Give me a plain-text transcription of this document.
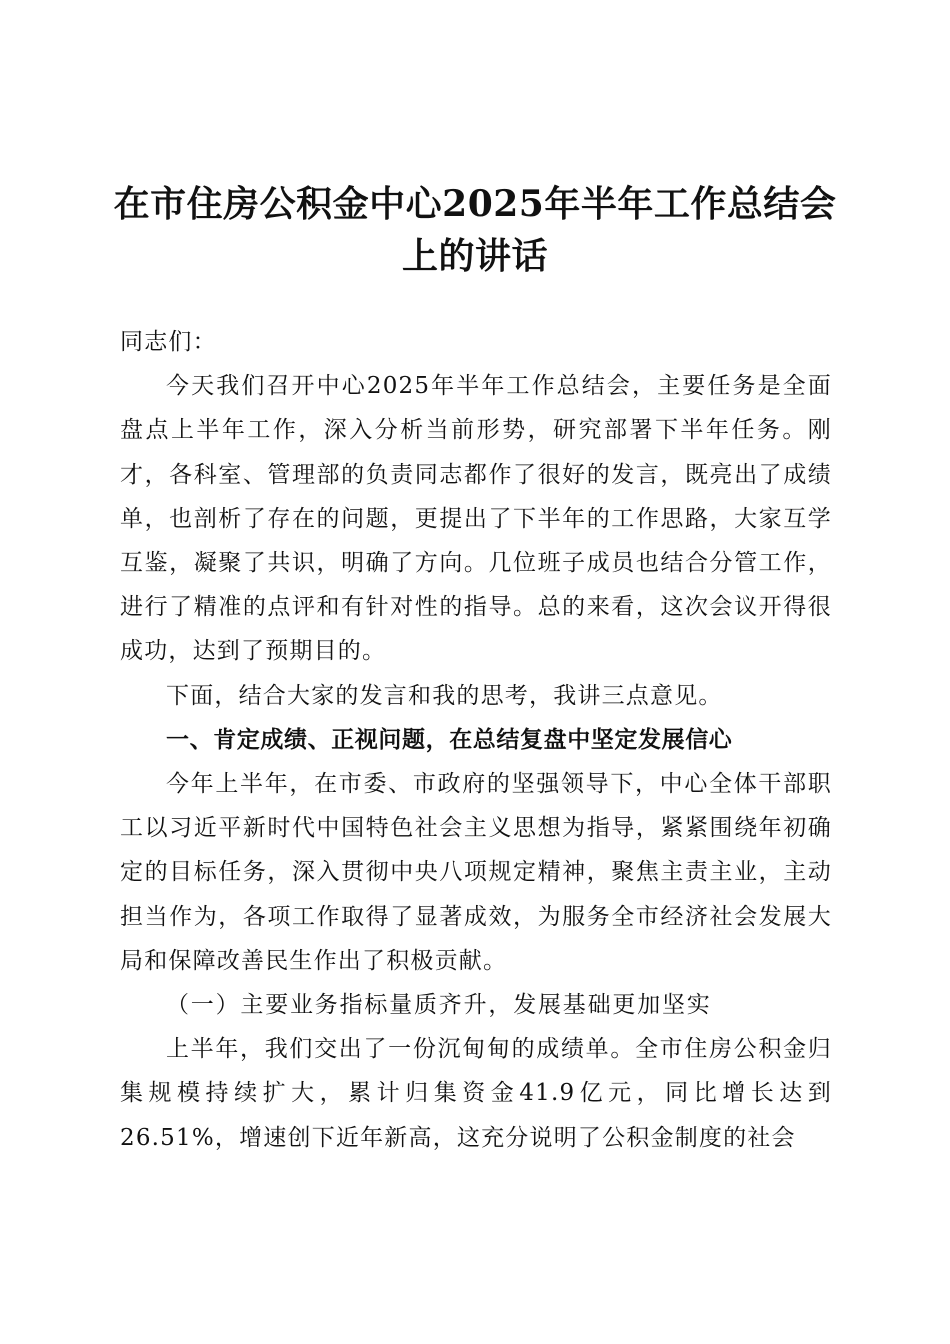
在市住房公积金中心2025年半年工作总结会上的讲话

同志们：

今天我们召开中心2025年半年工作总结会，主要任务是全面盘点上半年工作，深入分析当前形势，研究部署下半年任务。刚才，各科室、管理部的负责同志都作了很好的发言，既亮出了成绩单，也剖析了存在的问题，更提出了下半年的工作思路，大家互学互鉴，凝聚了共识，明确了方向。几位班子成员也结合分管工作，进行了精准的点评和有针对性的指导。总的来看，这次会议开得很成功，达到了预期目的。

下面，结合大家的发言和我的思考，我讲三点意见。

一、肯定成绩、正视问题，在总结复盘中坚定发展信心

今年上半年，在市委、市政府的坚强领导下，中心全体干部职工以习近平新时代中国特色社会主义思想为指导，紧紧围绕年初确定的目标任务，深入贯彻中央八项规定精神，聚焦主责主业，主动担当作为，各项工作取得了显著成效，为服务全市经济社会发展大局和保障改善民生作出了积极贡献。

（一）主要业务指标量质齐升，发展基础更加坚实

上半年，我们交出了一份沉甸甸的成绩单。全市住房公积金归集规模持续扩大，累计归集资金41.9亿元，同比增长达到26.51%，增速创下近年新高，这充分说明了公积金制度的社会
